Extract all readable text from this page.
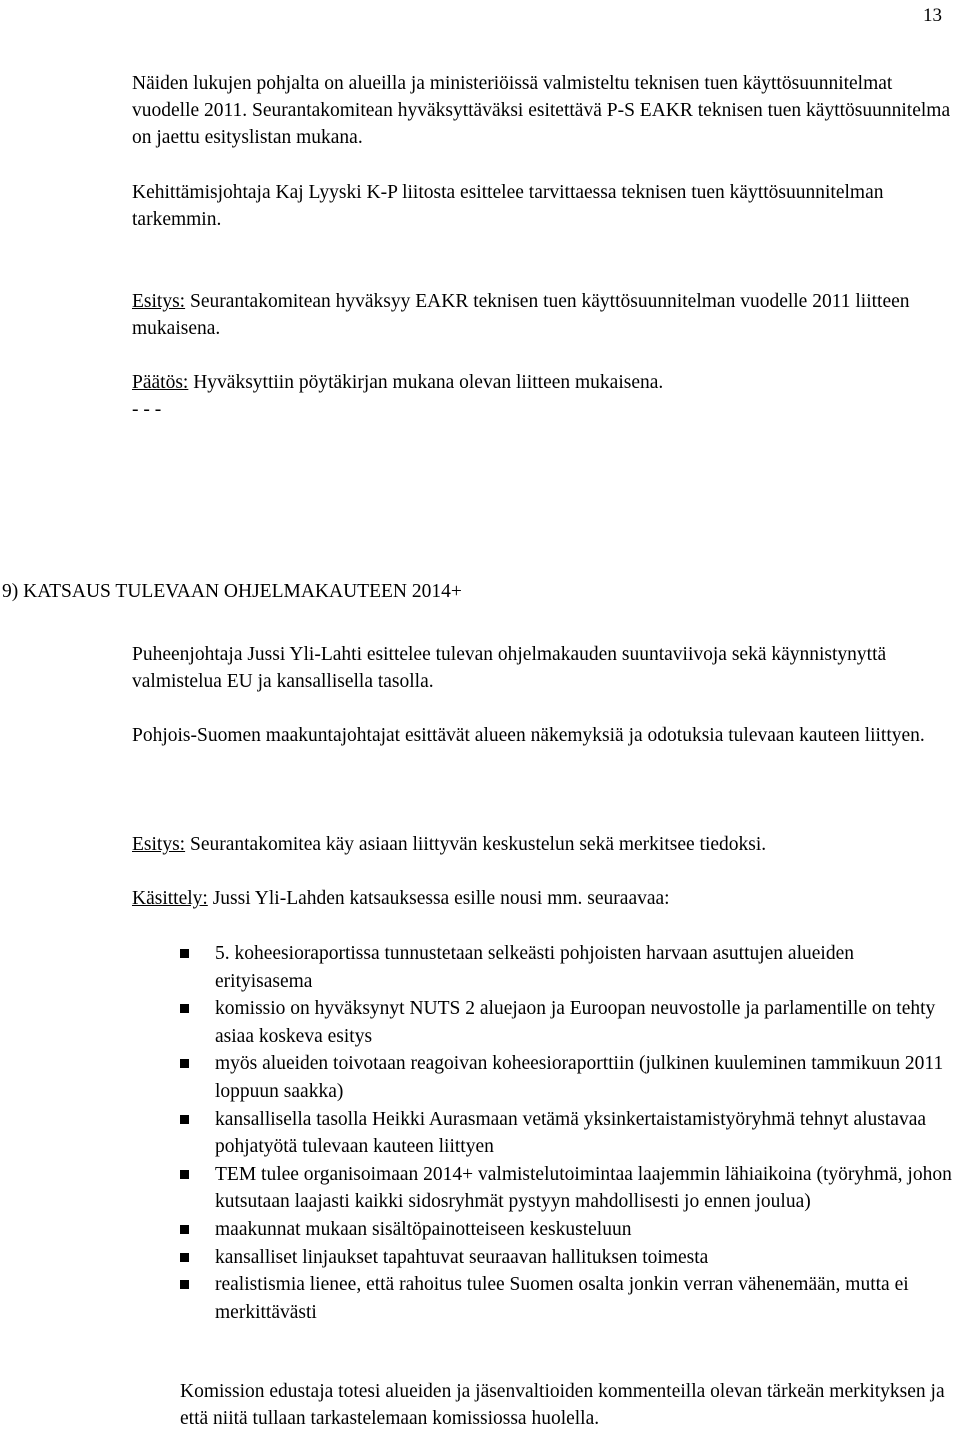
13

Näiden lukujen pohjalta on alueilla ja ministeriöissä valmisteltu teknisen tuen käyttösuunnitelmat vuodelle 2011. Seurantakomitean hyväksyttäväksi esitettävä P-S EAKR teknisen tuen käyttösuunnitelma on jaettu esityslistan mukana.

Kehittämisjohtaja Kaj Lyyski K-P liitosta esittelee tarvittaessa teknisen tuen käyttösuunnitelman tarkemmin.

Esitys: Seurantakomitean hyväksyy EAKR teknisen tuen käyttösuunnitelman vuodelle 2011 liitteen mukaisena.

Päätös: Hyväksyttiin pöytäkirjan mukana olevan liitteen mukaisena.

- - -

9) KATSAUS TULEVAAN OHJELMAKAUTEEN 2014+

Puheenjohtaja Jussi Yli-Lahti esittelee tulevan ohjelmakauden suuntaviivoja sekä käynnistynyttä valmistelua EU ja kansallisella tasolla.

Pohjois-Suomen maakuntajohtajat esittävät alueen näkemyksiä ja odotuksia tulevaan kauteen liittyen.

Esitys: Seurantakomitea käy asiaan liittyvän keskustelun sekä merkitsee tiedoksi.

Käsittely: Jussi Yli-Lahden katsauksessa esille nousi mm. seuraavaa:

5. koheesioraportissa tunnustetaan selkeästi pohjoisten harvaan asuttujen alueiden erityisasema
komissio on hyväksynyt NUTS 2 aluejaon ja Euroopan neuvostolle ja parlamentille on tehty asiaa koskeva esitys
myös alueiden toivotaan reagoivan koheesioraporttiin (julkinen kuuleminen tammikuun 2011 loppuun saakka)
kansallisella tasolla Heikki Aurasmaan vetämä yksinkertaistamistyöryhmä tehnyt alustavaa pohjatyötä tulevaan kauteen liittyen
TEM tulee organisoimaan 2014+ valmistelutoimintaa laajemmin lähiaikoina (työryhmä, johon kutsutaan laajasti kaikki sidosryhmät pystyyn mahdollisesti jo ennen joulua)
maakunnat mukaan sisältöpainotteiseen keskusteluun
kansalliset linjaukset tapahtuvat seuraavan hallituksen toimesta
realistismia lienee, että rahoitus tulee Suomen osalta jonkin verran vähenemään, mutta ei merkittävästi
Komission edustaja totesi alueiden ja jäsenvaltioiden kommenteilla olevan tärkeän merkityksen ja että niitä tullaan tarkastelemaan komissiossa huolella.
